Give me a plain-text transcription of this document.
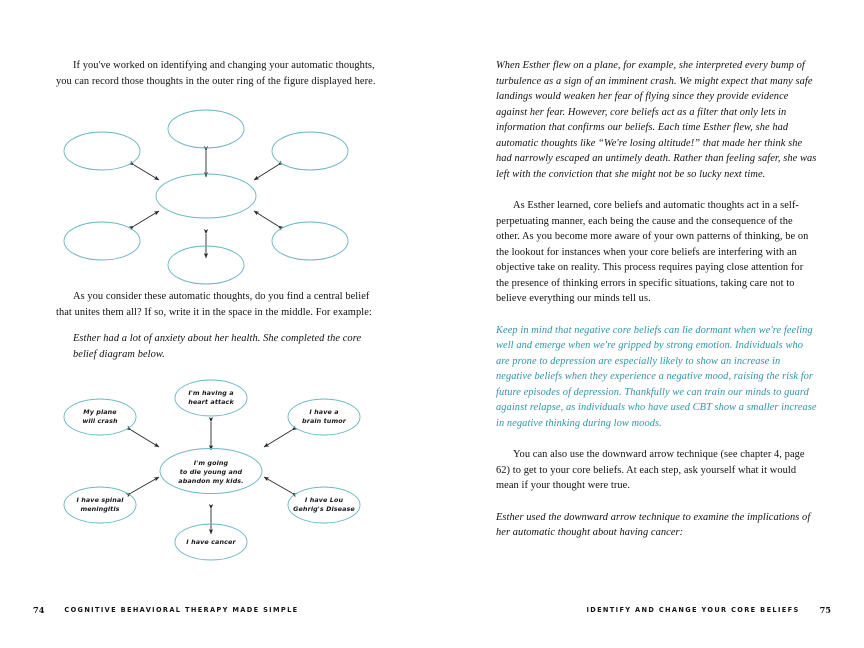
If you've worked on identifying and changing your automatic thoughts, you can record those thoughts in the outer ring of the figure displayed here.

As you consider these automatic thoughts, do you find a central belief that unites them all? If so, write it in the space in the middle. For example:

Esther had a lot of anxiety about her health. She completed the core belief diagram below.

I'm going
to die young and
abandon my kids.
I'm having a
heart attack
I have a
brain tumor
I have Lou
Gehrig's Disease
I have cancer
I have spinal
meningitis
My plane
will crash
74	COGNITIVE BEHAVIORAL THERAPY MADE SIMPLE

When Esther flew on a plane, for example, she interpreted every bump of turbulence as a sign of an imminent crash. We might expect that many safe landings would weaken her fear of flying since they provide evidence against her fear. However, core beliefs act as a filter that only lets in information that confirms our beliefs. Each time Esther flew, she had automatic thoughts like “We're losing altitude!” that made her think she had narrowly escaped an untimely death. Rather than feeling safer, she was left with the conviction that she might not be so lucky next time.

As Esther learned, core beliefs and automatic thoughts act in a self-perpetuating manner, each being the cause and the consequence of the other. As you become more aware of your own patterns of thinking, be on the lookout for instances when your core beliefs are interfering with an objective take on reality. This process requires paying close attention for the presence of thinking errors in specific situations, taking care not to believe everything our minds tell us.

Keep in mind that negative core beliefs can lie dormant when we're feeling well and emerge when we're gripped by strong emotion. Individuals who are prone to depression are especially likely to show an increase in negative beliefs when they experience a negative mood, raising the risk for future episodes of depression. Thankfully we can train our minds to guard against relapse, as individuals who have used CBT show a smaller increase in negative thinking during low moods.

You can also use the downward arrow technique (see chapter 4, page 62) to get to your core beliefs. At each step, ask yourself what it would mean if your thought were true.

Esther used the downward arrow technique to examine the implications of her automatic thought about having cancer:

IDENTIFY AND CHANGE YOUR CORE BELIEFS 75
